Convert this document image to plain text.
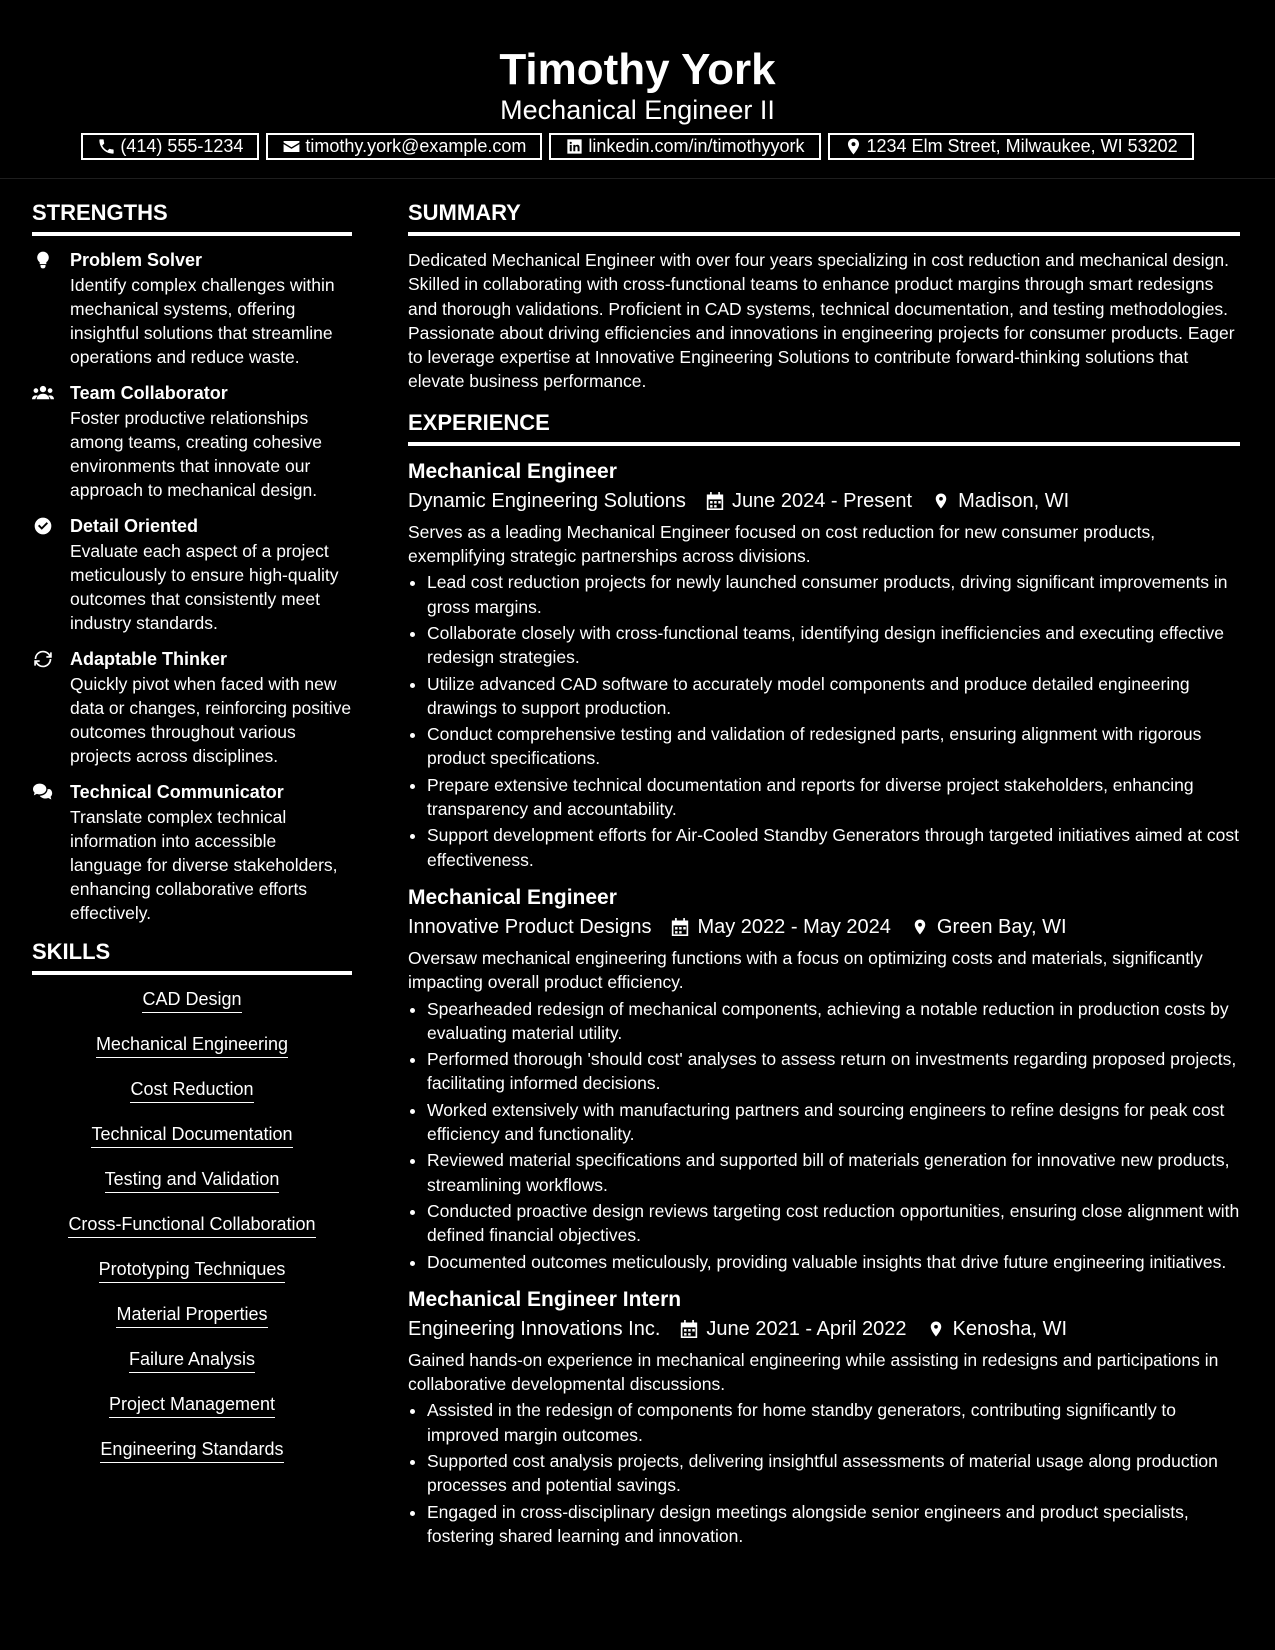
Timothy York
Mechanical Engineer II
(414) 555-1234	timothy.york@example.com	linkedin.com/in/timothyyork	1234 Elm Street, Milwaukee, WI 53202
STRENGTHS
Problem Solver
Identify complex challenges within mechanical systems, offering insightful solutions that streamline operations and reduce waste.
Team Collaborator
Foster productive relationships among teams, creating cohesive environments that innovate our approach to mechanical design.
Detail Oriented
Evaluate each aspect of a project meticulously to ensure high-quality outcomes that consistently meet industry standards.
Adaptable Thinker
Quickly pivot when faced with new data or changes, reinforcing positive outcomes throughout various projects across disciplines.
Technical Communicator
Translate complex technical information into accessible language for diverse stakeholders, enhancing collaborative efforts effectively.
SKILLS
CAD Design
Mechanical Engineering
Cost Reduction
Technical Documentation
Testing and Validation
Cross-Functional Collaboration
Prototyping Techniques
Material Properties
Failure Analysis
Project Management
Engineering Standards
SUMMARY
Dedicated Mechanical Engineer with over four years specializing in cost reduction and mechanical design. Skilled in collaborating with cross-functional teams to enhance product margins through smart redesigns and thorough validations. Proficient in CAD systems, technical documentation, and testing methodologies. Passionate about driving efficiencies and innovations in engineering projects for consumer products. Eager to leverage expertise at Innovative Engineering Solutions to contribute forward-thinking solutions that elevate business performance.
EXPERIENCE
Mechanical Engineer
Dynamic Engineering Solutions June 2024 - Present Madison, WI
Serves as a leading Mechanical Engineer focused on cost reduction for new consumer products, exemplifying strategic partnerships across divisions.
• Lead cost reduction projects for newly launched consumer products, driving significant improvements in gross margins.
• Collaborate closely with cross-functional teams, identifying design inefficiencies and executing effective redesign strategies.
• Utilize advanced CAD software to accurately model components and produce detailed engineering drawings to support production.
• Conduct comprehensive testing and validation of redesigned parts, ensuring alignment with rigorous product specifications.
• Prepare extensive technical documentation and reports for diverse project stakeholders, enhancing transparency and accountability.
• Support development efforts for Air-Cooled Standby Generators through targeted initiatives aimed at cost effectiveness.
Mechanical Engineer
Innovative Product Designs May 2022 - May 2024 Green Bay, WI
Oversaw mechanical engineering functions with a focus on optimizing costs and materials, significantly impacting overall product efficiency.
• Spearheaded redesign of mechanical components, achieving a notable reduction in production costs by evaluating material utility.
• Performed thorough 'should cost' analyses to assess return on investments regarding proposed projects, facilitating informed decisions.
• Worked extensively with manufacturing partners and sourcing engineers to refine designs for peak cost efficiency and functionality.
• Reviewed material specifications and supported bill of materials generation for innovative new products, streamlining workflows.
• Conducted proactive design reviews targeting cost reduction opportunities, ensuring close alignment with defined financial objectives.
• Documented outcomes meticulously, providing valuable insights that drive future engineering initiatives.
Mechanical Engineer Intern
Engineering Innovations Inc. June 2021 - April 2022 Kenosha, WI
Gained hands-on experience in mechanical engineering while assisting in redesigns and participations in collaborative developmental discussions.
• Assisted in the redesign of components for home standby generators, contributing significantly to improved margin outcomes.
• Supported cost analysis projects, delivering insightful assessments of material usage along production processes and potential savings.
• Engaged in cross-disciplinary design meetings alongside senior engineers and product specialists, fostering shared learning and innovation.
